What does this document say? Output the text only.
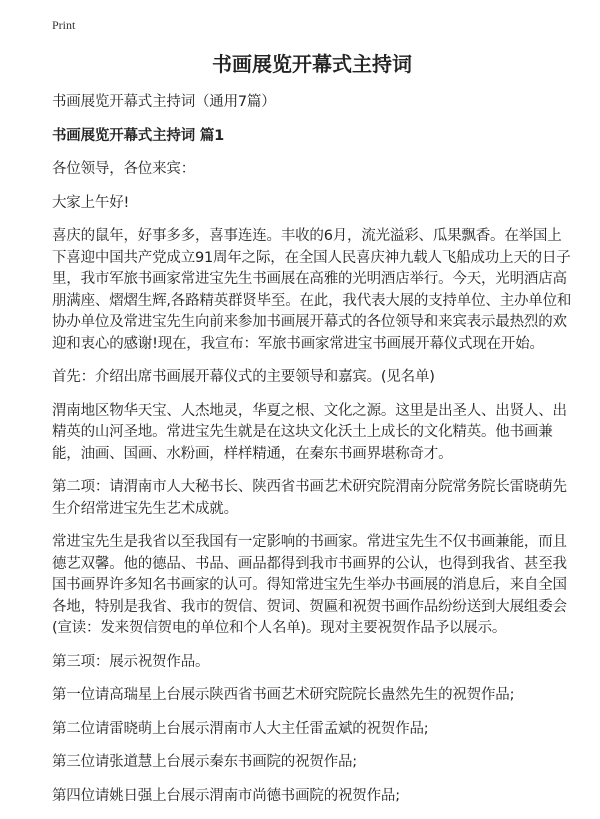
Print
书画展览开幕式主持词

书画展览开幕式主持词（通用7篇）

书画展览开幕式主持词 篇1

各位领导，各位来宾：

大家上午好!

喜庆的鼠年，好事多多，喜事连连。丰收的6月，流光溢彩、瓜果飘香。在举国上下喜迎中国共产党成立91周年之际，在全国人民喜庆神九载人飞船成功上天的日子里，我市军旅书画家常进宝先生书画展在高雅的光明酒店举行。今天，光明酒店高朋满座、熠熠生辉,各路精英群贤毕至。在此，我代表大展的支持单位、主办单位和协办单位及常进宝先生向前来参加书画展开幕式的各位领导和来宾表示最热烈的欢迎和衷心的感谢!现在，我宣布：军旅书画家常进宝书画展开幕仪式现在开始。

首先：介绍出席书画展开幕仪式的主要领导和嘉宾。(见名单)

渭南地区物华天宝、人杰地灵，华夏之根、文化之源。这里是出圣人、出贤人、出精英的山河圣地。常进宝先生就是在这块文化沃土上成长的文化精英。他书画兼能，油画、国画、水粉画，样样精通，在秦东书画界堪称奇才。

第二项：请渭南市人大秘书长、陕西省书画艺术研究院渭南分院常务院长雷晓萌先生介绍常进宝先生艺术成就。

常进宝先生是我省以至我国有一定影响的书画家。常进宝先生不仅书画兼能，而且德艺双馨。他的德品、书品、画品都得到我市书画界的公认，也得到我省、甚至我国书画界许多知名书画家的认可。得知常进宝先生举办书画展的消息后，来自全国各地，特别是我省、我市的贺信、贺词、贺匾和祝贺书画作品纷纷送到大展组委会(宣读：发来贺信贺电的单位和个人名单)。现对主要祝贺作品予以展示。

第三项：展示祝贺作品。

第一位请高瑞星上台展示陕西省书画艺术研究院院长蛊然先生的祝贺作品;

第二位请雷晓萌上台展示渭南市人大主任雷孟斌的祝贺作品;

第三位请张道慧上台展示秦东书画院的祝贺作品;

第四位请姚日强上台展示渭南市尚德书画院的祝贺作品;
